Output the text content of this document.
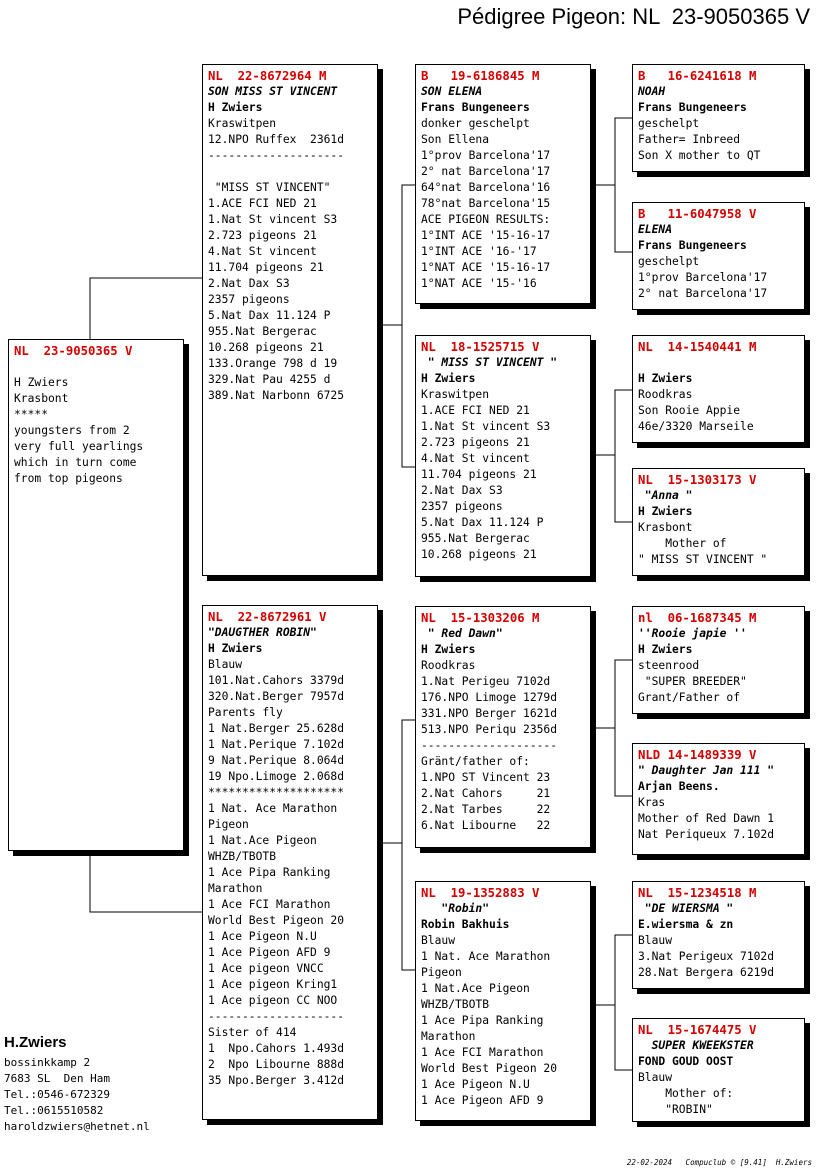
Pédigree Pigeon: NL  23-9050365 V
NL  23-9050365 V
H Zwiers
Krasbont
*****
youngsters from 2
very full yearlings
which in turn come
from top pigeons
NL  22-8672964 M
SON MISS ST VINCENT
H Zwiers
Kraswitpen
12.NPO Ruffex  2361d
--------------------
"MISS ST VINCENT"
1.ACE FCI NED 21
1.Nat St vincent S3
2.723 pigeons 21
4.Nat St vincent
11.704 pigeons 21
2.Nat Dax S3
2357 pigeons
5.Nat Dax 11.124 P
955.Nat Bergerac
10.268 pigeons 21
133.Orange 798 d 19
329.Nat Pau 4255 d
389.Nat Narbonn 6725
NL  22-8672961 V
"DAUGTHER ROBIN"
H Zwiers
Blauw
101.Nat.Cahors 3379d
320.Nat.Berger 7957d
Parents fly
1 Nat.Berger 25.628d
1 Nat.Perique 7.102d
9 Nat.Perique 8.064d
19 Npo.Limoge 2.068d
********************
1 Nat. Ace Marathon
Pigeon
1 Nat.Ace Pigeon
WHZB/TBOTB
1 Ace Pipa Ranking
Marathon
1 Ace FCI Marathon
World Best Pigeon 20
1 Ace Pigeon N.U
1 Ace Pigeon AFD 9
1 Ace pigeon VNCC
1 Ace pigeon Kring1
1 Ace pigeon CC NOO
--------------------
Sister of 414
1  Npo.Cahors 1.493d
2  Npo Libourne 888d
35 Npo.Berger 3.412d
B   19-6186845 M
SON ELENA
Frans Bungeneers
donker geschelpt
Son Ellena
1°prov Barcelona'17
2° nat Barcelona'17
64°nat Barcelona'16
78°nat Barcelona'15
ACE PIGEON RESULTS:
1°INT ACE '15-16-17
1°INT ACE '16-'17
1°NAT ACE '15-16-17
1°NAT ACE '15-'16
NL  18-1525715 V
" MISS ST VINCENT "
H Zwiers
Kraswitpen
1.ACE FCI NED 21
1.Nat St vincent S3
2.723 pigeons 21
4.Nat St vincent
11.704 pigeons 21
2.Nat Dax S3
2357 pigeons
5.Nat Dax 11.124 P
955.Nat Bergerac
10.268 pigeons 21
NL  15-1303206 M
" Red Dawn"
H Zwiers
Roodkras
1.Nat Perigeu 7102d
176.NPO Limoge 1279d
331.NPO Berger 1621d
513.NPO Periqu 2356d
--------------------
Gränt/father of:
1.NPO ST Vincent 23
2.Nat Cahors     21
2.Nat Tarbes     22
6.Nat Libourne   22
NL  19-1352883 V
"Robin"
Robin Bakhuis
Blauw
1 Nat. Ace Marathon
Pigeon
1 Nat.Ace Pigeon
WHZB/TBOTB
1 Ace Pipa Ranking
Marathon
1 Ace FCI Marathon
World Best Pigeon 20
1 Ace Pigeon N.U
1 Ace Pigeon AFD 9
B   16-6241618 M
NOAH
Frans Bungeneers
geschelpt
Father= Inbreed
Son X mother to QT
B   11-6047958 V
ELENA
Frans Bungeneers
geschelpt
1°prov Barcelona'17
2° nat Barcelona'17
NL  14-1540441 M
H Zwiers
Roodkras
Son Rooie Appie
46e/3320 Marseile
NL  15-1303173 V
"Anna "
H Zwiers
Krasbont
Mother of
" MISS ST VINCENT "
nl  06-1687345 M
''Rooie japie ''
H Zwiers
steenrood
"SUPER BREEDER"
Grant/Father of
NLD 14-1489339 V
" Daughter Jan 111 "
Arjan Beens.
Kras
Mother of Red Dawn 1
Nat Periqueux 7.102d
NL  15-1234518 M
"DE WIERSMA "
E.wiersma & zn
Blauw
3.Nat Perigeux 7102d
28.Nat Bergera 6219d
NL  15-1674475 V
SUPER KWEEKSTER
FOND GOUD OOST
Blauw
Mother of:
"ROBIN"
H.Zwiers
bossinkkamp 2
7683 SL  Den Ham
Tel.:0546-672329
Tel.:0615510582
haroldzwiers@hetnet.nl
22-02-2024   Compuclub © [9.41]  H.Zwiers
